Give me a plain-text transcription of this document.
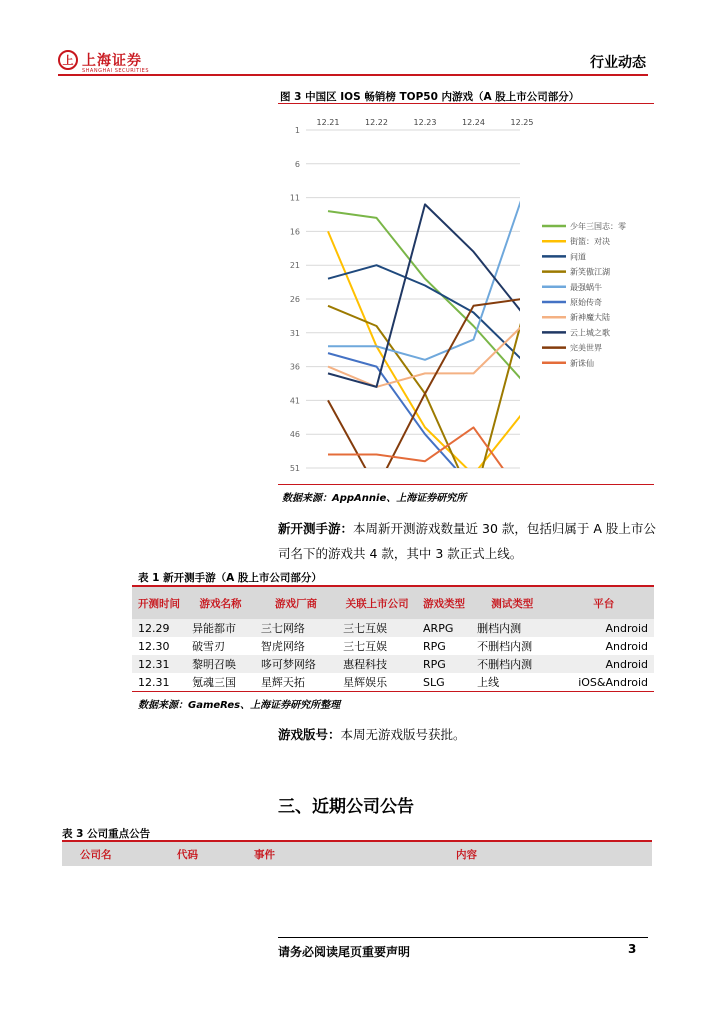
上 上海证券
SHANGHAI SECURITIES	行业动态
图 3 中国区 IOS 畅销榜 TOP50 内游戏（A 股上市公司部分）
1
6
11
16
21
26
31
36
41
46
51
12.21	12.22	12.23	12.24	12.25
少年三国志：零
街篮：对决
问道
新笑傲江湖
最强蜗牛
原始传奇
新神魔大陆
云上城之歌
完美世界
新诛仙
数据来源：AppAnnie、上海证券研究所
新开测手游：本周新开测游戏数量近 30 款，包括归属于 A 股上市公司名下的游戏共 4 款，其中 3 款正式上线。
表 1 新开测手游（A 股上市公司部分）
开测时间	游戏名称	游戏厂商	关联上市公司	游戏类型	测试类型	平台
12.29	异能都市	三七网络	三七互娱	ARPG	删档内测	Android
12.30	破雪刃	智虎网络	三七互娱	RPG	不删档内测	Android
12.31	黎明召唤	哆可梦网络	惠程科技	RPG	不删档内测	Android
12.31	氪魂三国	星辉天拓	星辉娱乐	SLG	上线	iOS&Android
数据来源：GameRes、上海证券研究所整理
游戏版号：本周无游戏版号获批。
三、近期公司公告
表 3 公司重点公告
公司名	代码	事件	内容
请务必阅读尾页重要声明	3
